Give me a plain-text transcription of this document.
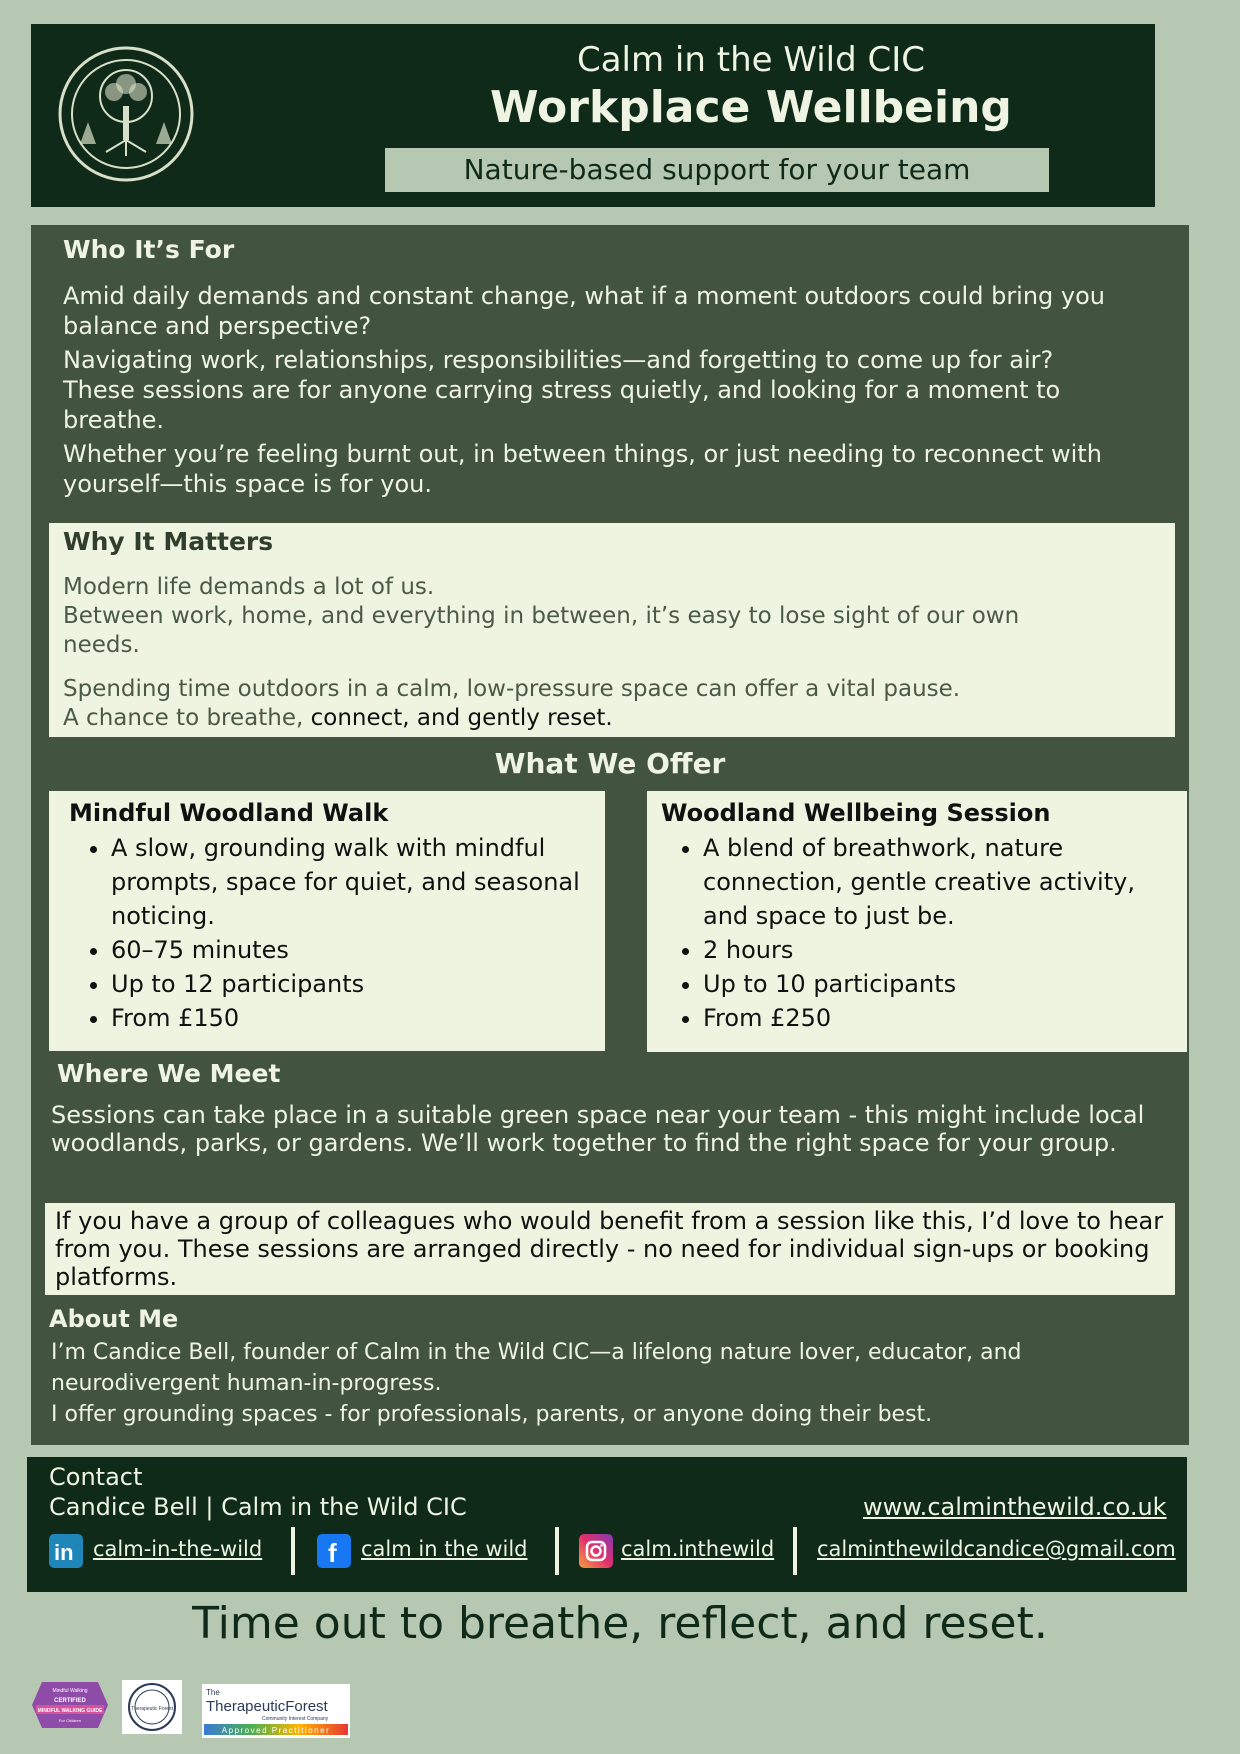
Calm in the Wild CIC
Workplace Wellbeing
Nature-based support for your team
Who It’s For
Amid daily demands and constant change, what if a moment outdoors could bring you balance and perspective?
Navigating work, relationships, responsibilities—and forgetting to come up for air? These sessions are for anyone carrying stress quietly, and looking for a moment to breathe.
Whether you’re feeling burnt out, in between things, or just needing to reconnect with yourself—this space is for you.
Why It Matters
Modern life demands a lot of us.
Between work, home, and everything in between, it’s easy to lose sight of our own needs.
Spending time outdoors in a calm, low-pressure space can offer a vital pause.
A chance to breathe, connect, and gently reset.
What We Offer
Mindful Woodland Walk
• A slow, grounding walk with mindful prompts, space for quiet, and seasonal noticing.
• 60–75 minutes
• Up to 12 participants
• From £150
Woodland Wellbeing Session
• A blend of breathwork, nature connection, gentle creative activity, and space to just be.
• 2 hours
• Up to 10 participants
• From £250
Where We Meet
Sessions can take place in a suitable green space near your team - this might include local woodlands, parks, or gardens. We’ll work together to find the right space for your group.
If you have a group of colleagues who would benefit from a session like this, I’d love to hear from you. These sessions are arranged directly - no need for individual sign-ups or booking platforms.
About Me
I’m Candice Bell, founder of Calm in the Wild CIC—a lifelong nature lover, educator, and neurodivergent human-in-progress.
I offer grounding spaces - for professionals, parents, or anyone doing their best.
Contact
Candice Bell | Calm in the Wild CIC	www.calminthewild.co.uk
in calm-in-the-wild	f calm in the wild	calm.inthewild calminthewildcandice@gmail.com
Time out to breathe, reflect, and reset.
Mindful Walking
CERTIFIED
MINDFUL WALKING GUIDE
For Children
Therapeutic Forest
The
TherapeuticForest
Community Interest Company
Approved Practitioner
